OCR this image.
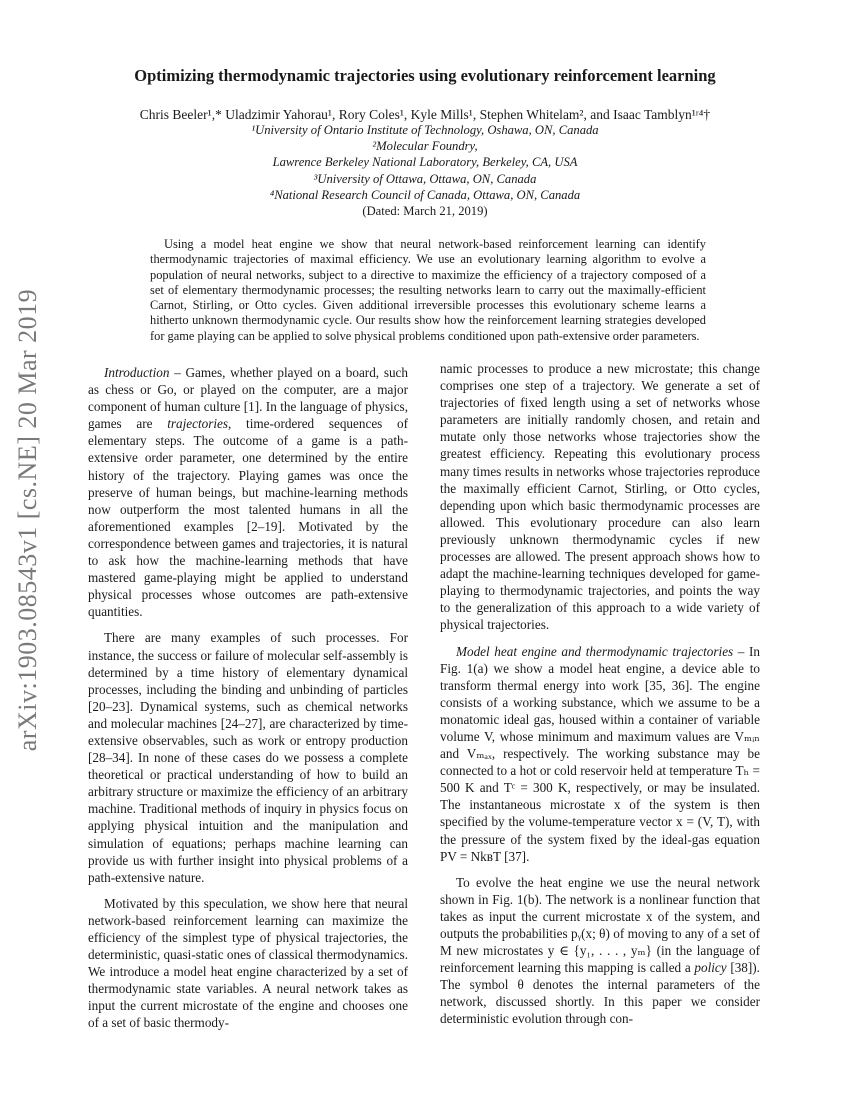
arXiv:1903.08543v1 [cs.NE] 20 Mar 2019
Optimizing thermodynamic trajectories using evolutionary reinforcement learning
Chris Beeler¹,* Uladzimir Yahorau¹, Rory Coles¹, Kyle Mills¹, Stephen Whitelam², and Isaac Tamblyn¹ʳ⁴†
¹University of Ontario Institute of Technology, Oshawa, ON, Canada
²Molecular Foundry,
Lawrence Berkeley National Laboratory, Berkeley, CA, USA
³University of Ottawa, Ottawa, ON, Canada
⁴National Research Council of Canada, Ottawa, ON, Canada
(Dated: March 21, 2019)
Using a model heat engine we show that neural network-based reinforcement learning can identify thermodynamic trajectories of maximal efficiency. We use an evolutionary learning algorithm to evolve a population of neural networks, subject to a directive to maximize the efficiency of a trajectory composed of a set of elementary thermodynamic processes; the resulting networks learn to carry out the maximally-efficient Carnot, Stirling, or Otto cycles. Given additional irreversible processes this evolutionary scheme learns a hitherto unknown thermodynamic cycle. Our results show how the reinforcement learning strategies developed for game playing can be applied to solve physical problems conditioned upon path-extensive order parameters.

Introduction – Games, whether played on a board, such as chess or Go, or played on the computer, are a major component of human culture [1]. In the language of physics, games are trajectories, time-ordered sequences of elementary steps. The outcome of a game is a path-extensive order parameter, one determined by the entire history of the trajectory. Playing games was once the preserve of human beings, but machine-learning methods now outperform the most talented humans in all the aforementioned examples [2–19]. Motivated by the correspondence between games and trajectories, it is natural to ask how the machine-learning methods that have mastered game-playing might be applied to understand physical processes whose outcomes are path-extensive quantities.

There are many examples of such processes. For instance, the success or failure of molecular self-assembly is determined by a time history of elementary dynamical processes, including the binding and unbinding of particles [20–23]. Dynamical systems, such as chemical networks and molecular machines [24–27], are characterized by time-extensive observables, such as work or entropy production [28–34]. In none of these cases do we possess a complete theoretical or practical understanding of how to build an arbitrary structure or maximize the efficiency of an arbitrary machine. Traditional methods of inquiry in physics focus on applying physical intuition and the manipulation and simulation of equations; perhaps machine learning can provide us with further insight into physical problems of a path-extensive nature.

Motivated by this speculation, we show here that neural network-based reinforcement learning can maximize the efficiency of the simplest type of physical trajectories, the deterministic, quasi-static ones of classical thermodynamics. We introduce a model heat engine characterized by a set of thermodynamic state variables. A neural network takes as input the current microstate of the engine and chooses one of a set of basic thermody-

namic processes to produce a new microstate; this change comprises one step of a trajectory. We generate a set of trajectories of fixed length using a set of networks whose parameters are initially randomly chosen, and retain and mutate only those networks whose trajectories show the greatest efficiency. Repeating this evolutionary process many times results in networks whose trajectories reproduce the maximally efficient Carnot, Stirling, or Otto cycles, depending upon which basic thermodynamic processes are allowed. This evolutionary procedure can also learn previously unknown thermodynamic cycles if new processes are allowed. The present approach shows how to adapt the machine-learning techniques developed for game-playing to thermodynamic trajectories, and points the way to the generalization of this approach to a wide variety of physical trajectories.

Model heat engine and thermodynamic trajectories – In Fig. 1(a) we show a model heat engine, a device able to transform thermal energy into work [35, 36]. The engine consists of a working substance, which we assume to be a monatomic ideal gas, housed within a container of variable volume V, whose minimum and maximum values are Vₘᵢₙ and Vₘₐₓ, respectively. The working substance may be connected to a hot or cold reservoir held at temperature Tₕ = 500 K and Tᶜ = 300 K, respectively, or may be insulated. The instantaneous microstate x of the system is then specified by the volume-temperature vector x = (V, T), with the pressure of the system fixed by the ideal-gas equation PV = NkʙT [37].

To evolve the heat engine we use the neural network shown in Fig. 1(b). The network is a nonlinear function that takes as input the current microstate x of the system, and outputs the probabilities pᵧ(x; θ) of moving to any of a set of M new microstates y ∈ {y₁, . . . , yₘ} (in the language of reinforcement learning this mapping is called a policy [38]). The symbol θ denotes the internal parameters of the network, discussed shortly. In this paper we consider deterministic evolution through con-
